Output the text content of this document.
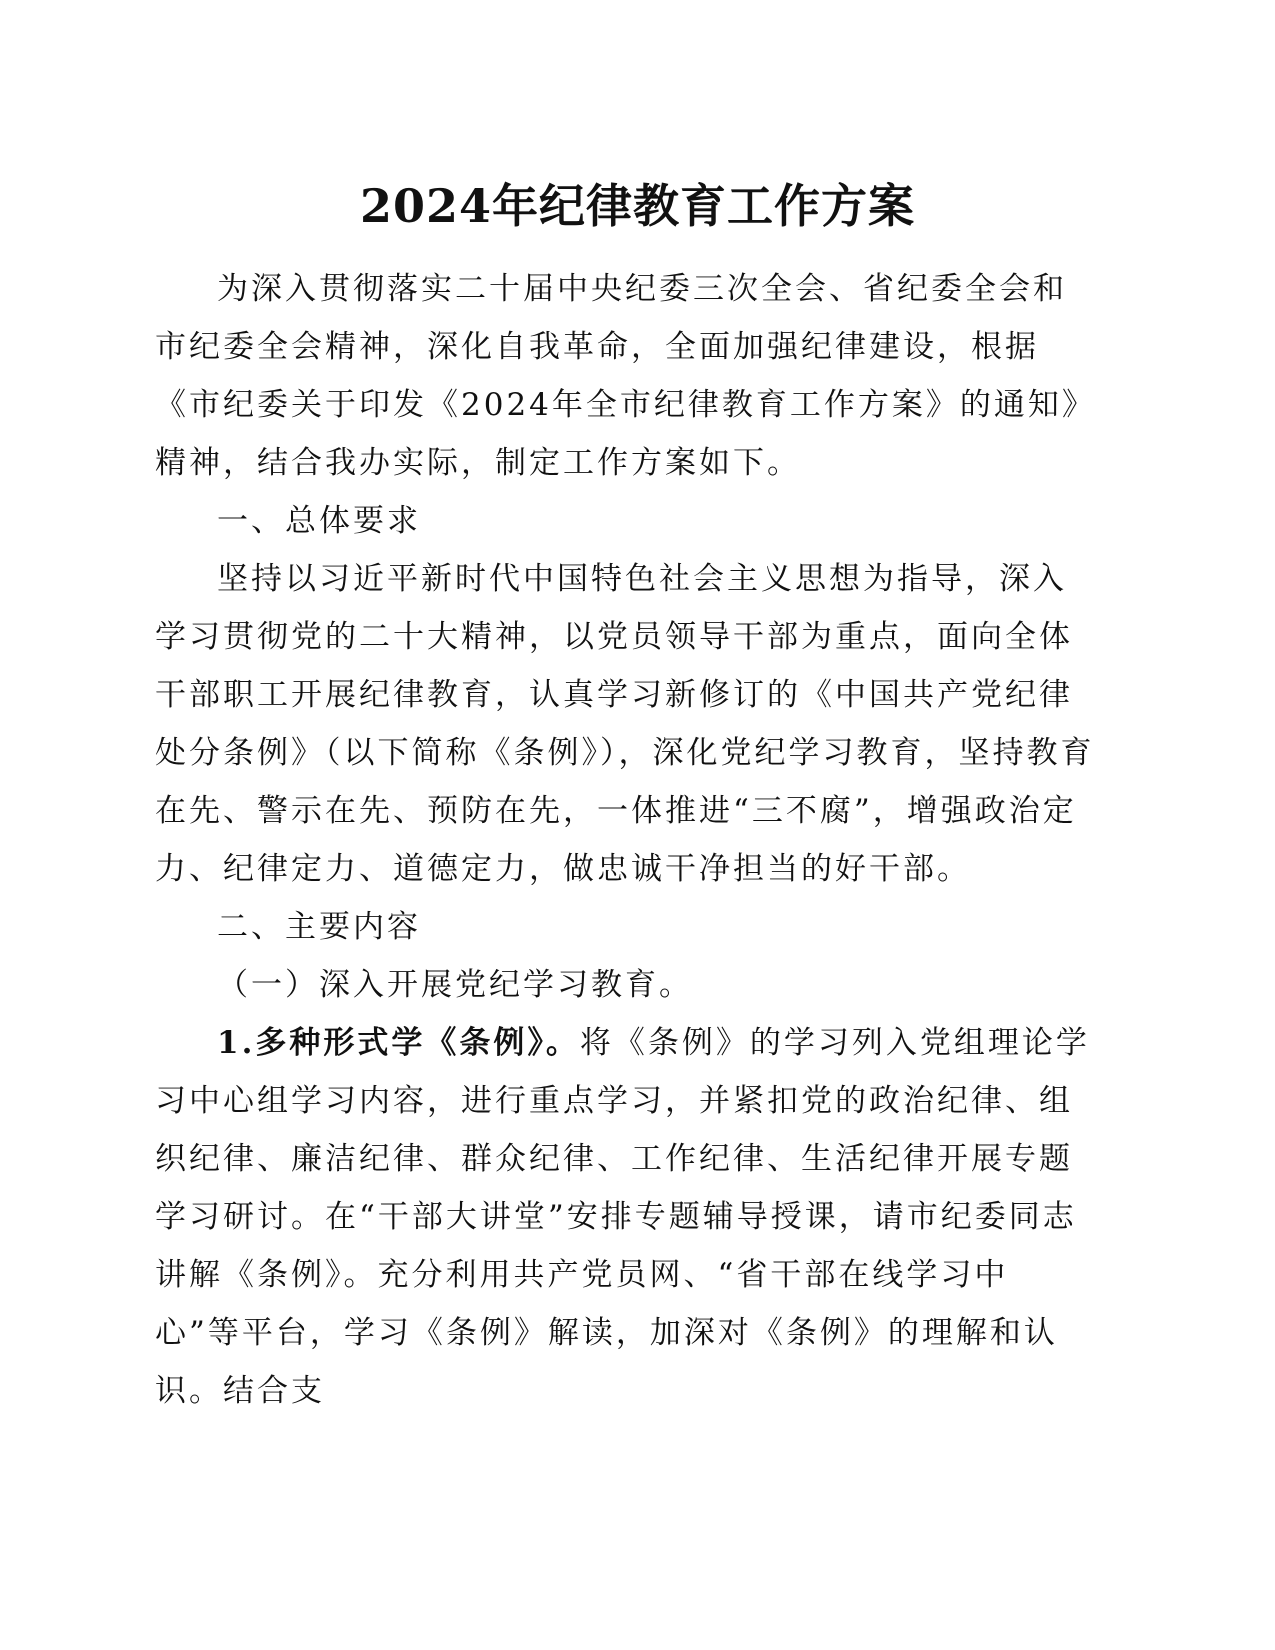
2024年纪律教育工作方案

为深入贯彻落实二十届中央纪委三次全会、省纪委全会和市纪委全会精神，深化自我革命，全面加强纪律建设，根据《市纪委关于印发《2024年全市纪律教育工作方案》的通知》精神，结合我办实际，制定工作方案如下。

一、总体要求

坚持以习近平新时代中国特色社会主义思想为指导，深入学习贯彻党的二十大精神，以党员领导干部为重点，面向全体干部职工开展纪律教育，认真学习新修订的《中国共产党纪律处分条例》（以下简称《条例》），深化党纪学习教育，坚持教育在先、警示在先、预防在先，一体推进“三不腐”，增强政治定力、纪律定力、道德定力，做忠诚干净担当的好干部。

二、主要内容

（一）深入开展党纪学习教育。

1.多种形式学《条例》。将《条例》的学习列入党组理论学习中心组学习内容，进行重点学习，并紧扣党的政治纪律、组织纪律、廉洁纪律、群众纪律、工作纪律、生活纪律开展专题学习研讨。在“干部大讲堂”安排专题辅导授课，请市纪委同志讲解《条例》。充分利用共产党员网、“省干部在线学习中心”等平台，学习《条例》解读，加深对《条例》的理解和认识。结合支
